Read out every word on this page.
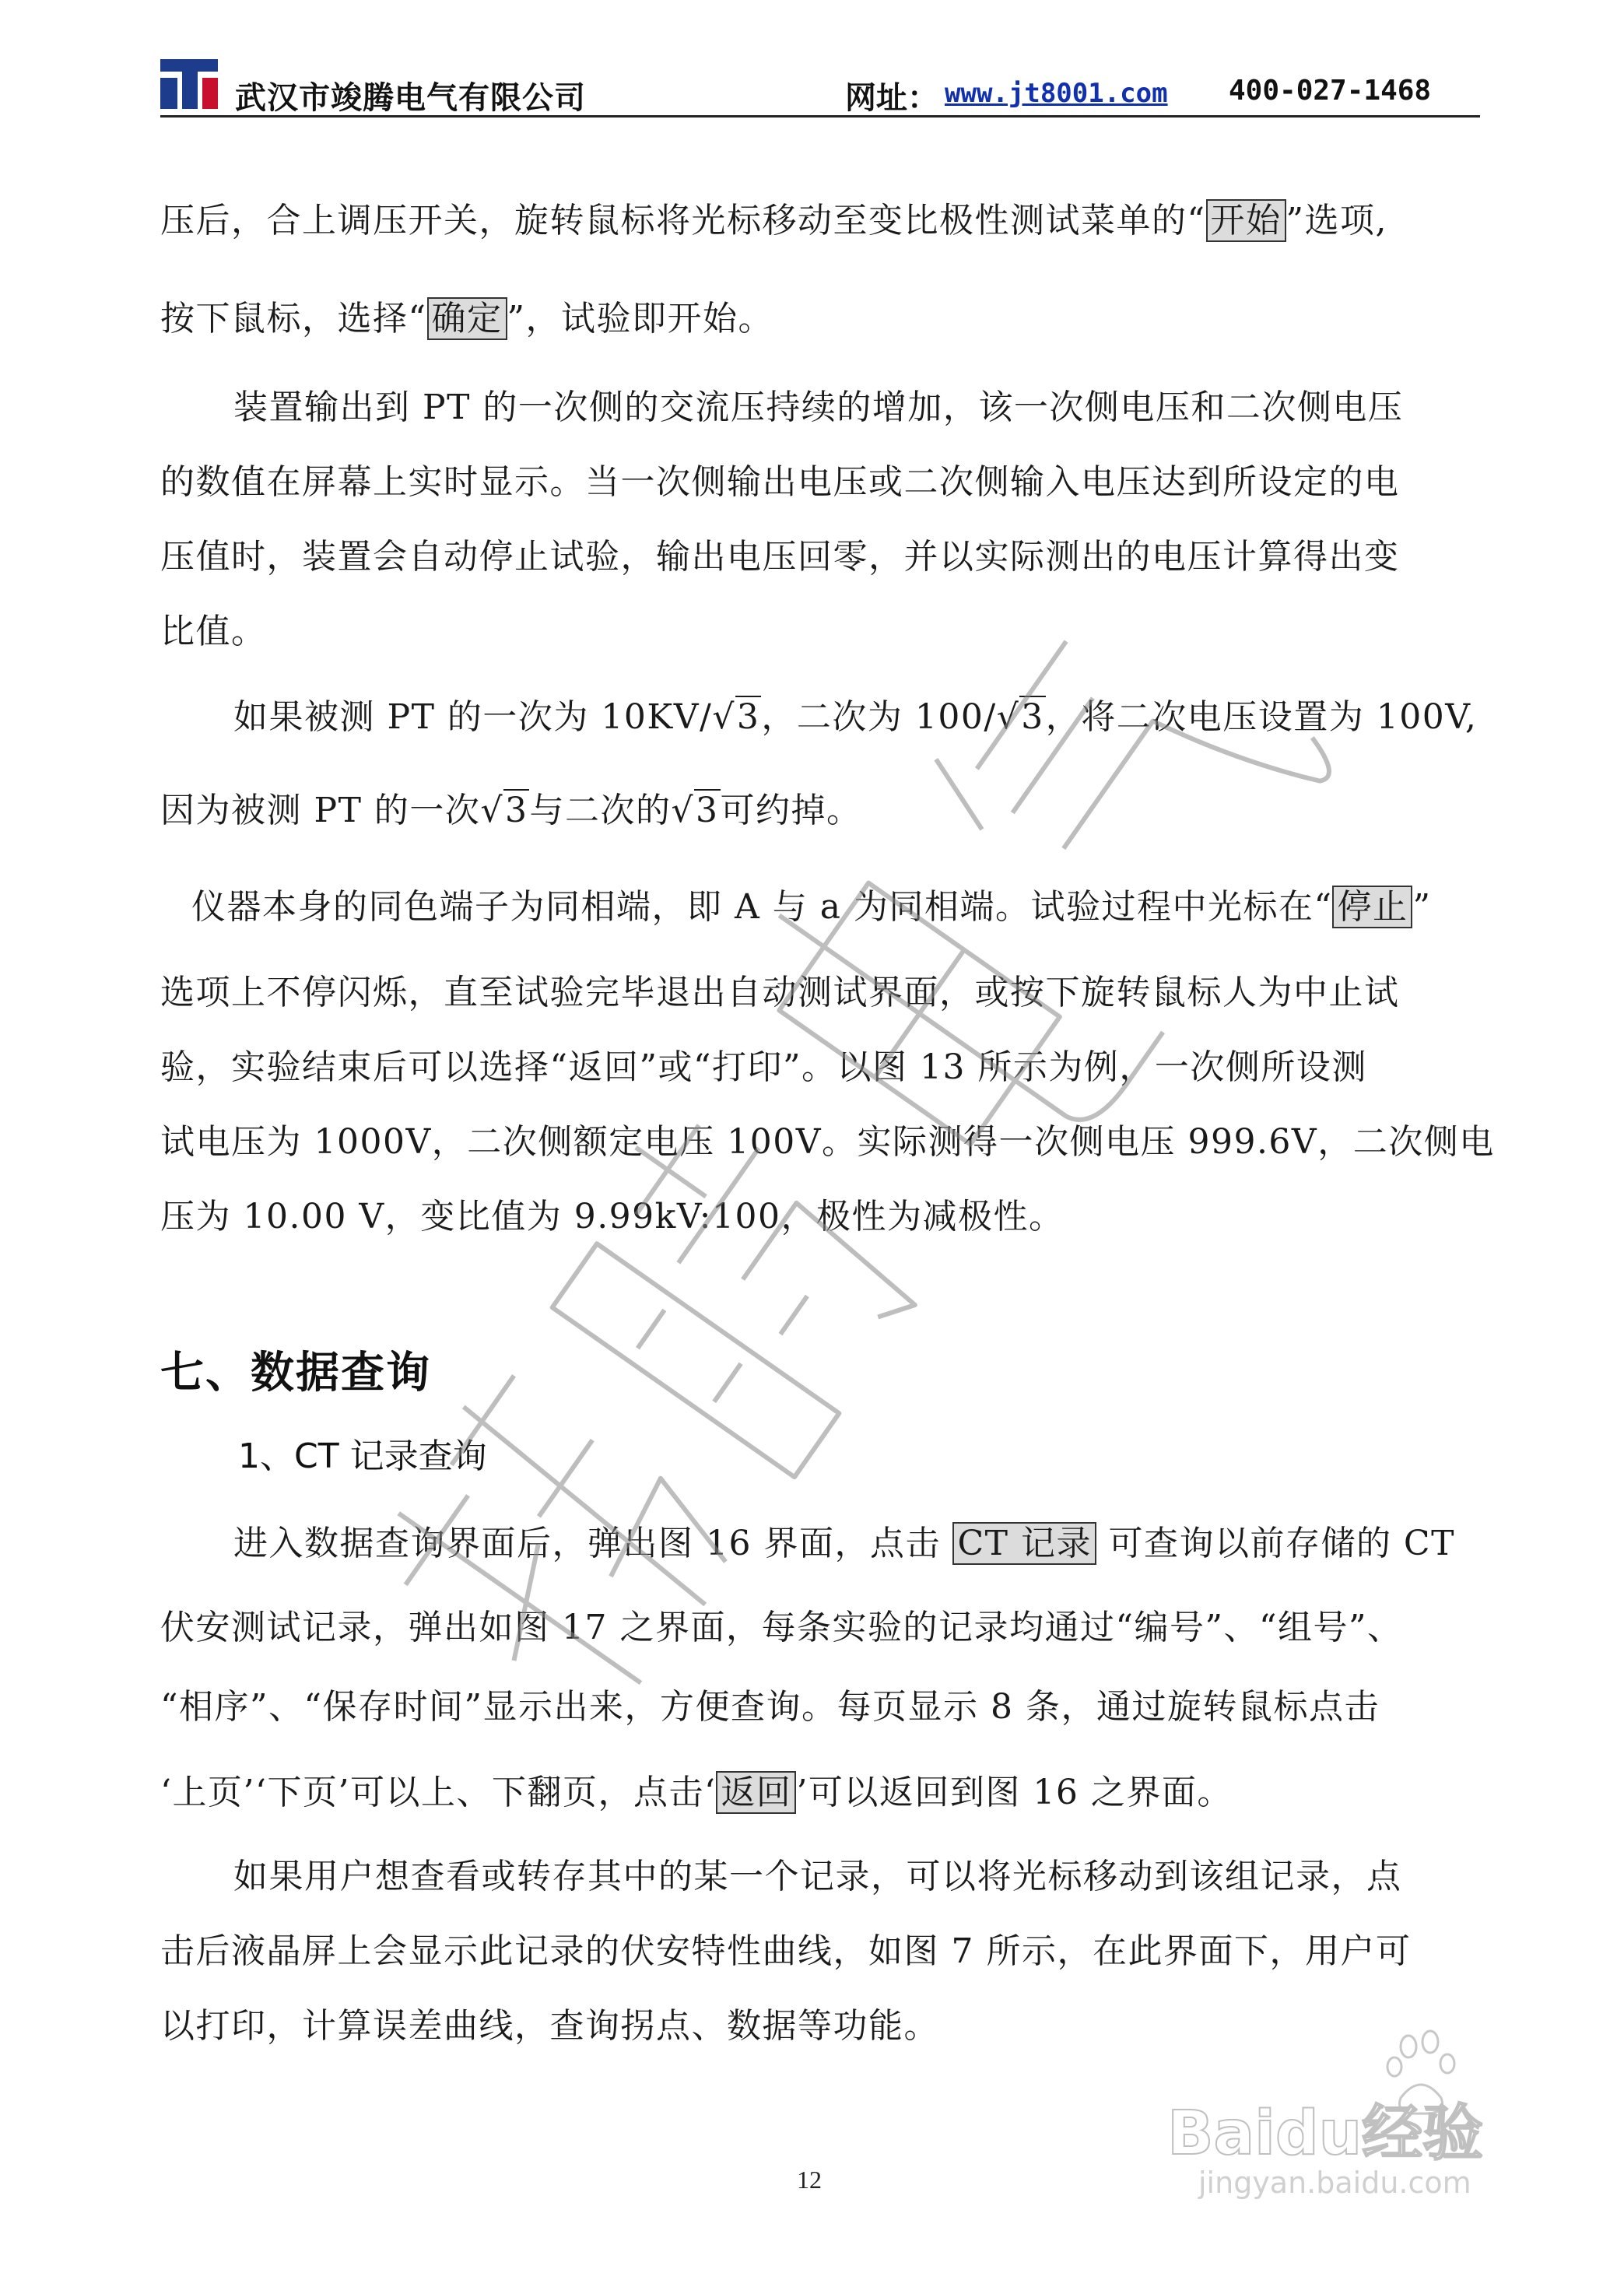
武汉市竣腾电气有限公司	网址： www.jt8001.com 400-027-1468

压后，合上调压开关，旋转鼠标将光标移动至变比极性测试菜单的“ 开始 ”选项,

按下鼠标，选择“ 确定 ”，试验即开始。

装置输出到 PT 的一次侧的交流压持续的增加，该一次侧电压和二次侧电压

的数值在屏幕上实时显示。当一次侧输出电压或二次侧输入电压达到所设定的电

压值时，装置会自动停止试验，输出电压回零，并以实际测出的电压计算得出变

比值。

如果被测 PT 的一次为 10KV/√3，二次为 100/√3，将二次电压设置为 100V,

因为被测 PT 的一次√3与二次的√3可约掉。

仪器本身的同色端子为同相端，即 A 与 a 为同相端。试验过程中光标在“ 停止 ”

选项上不停闪烁，直至试验完毕退出自动测试界面，或按下旋转鼠标人为中止试

验，实验结束后可以选择“返回”或“打印”。以图 13 所示为例，一次侧所设测

试电压为 1000V，二次侧额定电压 100V。实际测得一次侧电压 999.6V，二次侧电

压为 10.00 V，变比值为 9.99kV:100，极性为减极性。

七、数据查询
1、CT 记录查询

进入数据查询界面后，弹出图 16 界面，点击 CT 记录 可查询以前存储的 CT

伏安测试记录，弹出如图 17 之界面，每条实验的记录均通过“编号”、“组号”、

“相序”、“保存时间”显示出来，方便查询。每页显示 8 条，通过旋转鼠标点击

‘上页’‘下页’可以上、下翻页，点击‘ 返回 ’可以返回到图 16 之界面。

如果用户想查看或转存其中的某一个记录，可以将光标移动到该组记录，点

击后液晶屏上会显示此记录的伏安特性曲线，如图 7 所示，在此界面下，用户可

以打印，计算误差曲线，查询拐点、数据等功能。

12
Baidu经验
jingyan.baidu.com
